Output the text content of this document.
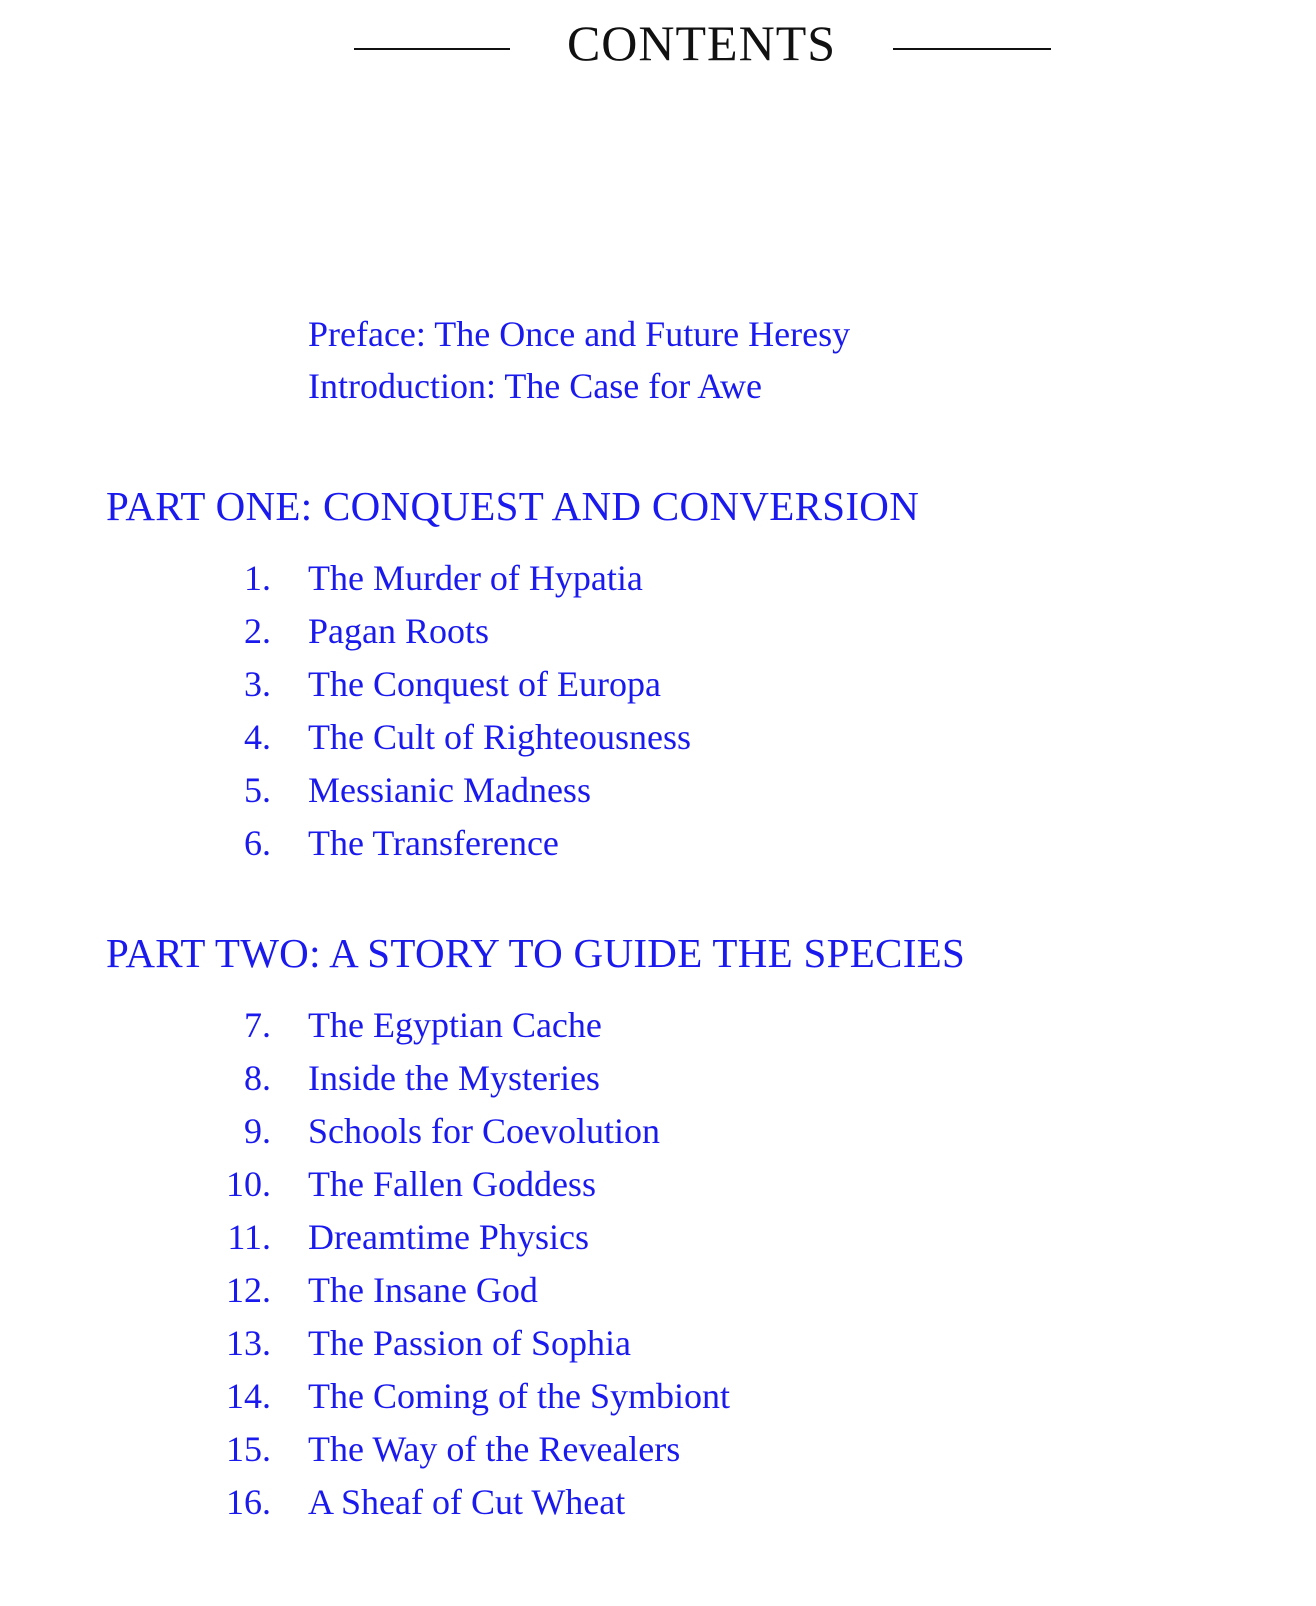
CONTENTS
Preface: The Once and Future Heresy
Introduction: The Case for Awe
PART ONE: CONQUEST AND CONVERSION
1. The Murder of Hypatia
2. Pagan Roots
3. The Conquest of Europa
4. The Cult of Righteousness
5. Messianic Madness
6. The Transference
PART TWO: A STORY TO GUIDE THE SPECIES
7. The Egyptian Cache
8. Inside the Mysteries
9. Schools for Coevolution
10. The Fallen Goddess
11. Dreamtime Physics
12. The Insane God
13. The Passion of Sophia
14. The Coming of the Symbiont
15. The Way of the Revealers
16. A Sheaf of Cut Wheat
